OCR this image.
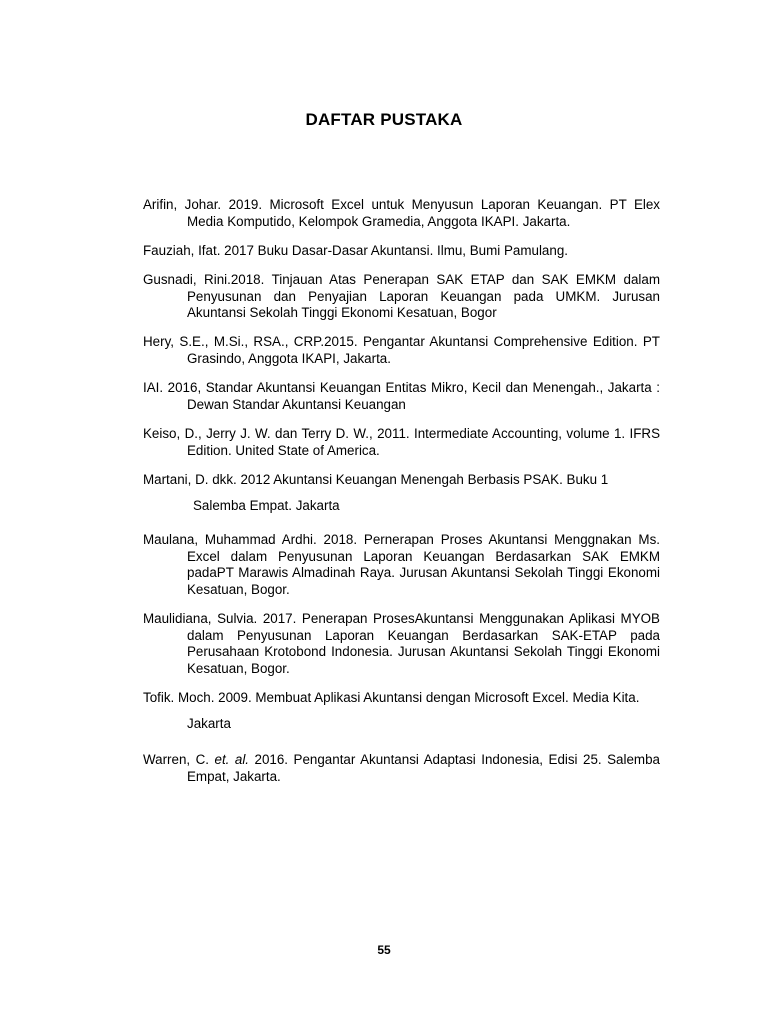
DAFTAR PUSTAKA
Arifin, Johar. 2019. Microsoft Excel untuk Menyusun Laporan Keuangan. PT Elex Media Komputido, Kelompok Gramedia, Anggota IKAPI. Jakarta.
Fauziah, Ifat. 2017 Buku Dasar-Dasar Akuntansi. Ilmu, Bumi Pamulang.
Gusnadi, Rini.2018. Tinjauan Atas Penerapan SAK ETAP dan SAK EMKM dalam Penyusunan dan Penyajian Laporan Keuangan pada UMKM. Jurusan Akuntansi Sekolah Tinggi Ekonomi Kesatuan, Bogor
Hery, S.E., M.Si., RSA., CRP.2015. Pengantar Akuntansi Comprehensive Edition. PT Grasindo, Anggota IKAPI, Jakarta.
IAI. 2016, Standar Akuntansi Keuangan Entitas Mikro, Kecil dan Menengah., Jakarta : Dewan Standar Akuntansi Keuangan
Keiso, D., Jerry J. W. dan Terry D. W., 2011. Intermediate Accounting, volume 1. IFRS Edition. United State of America.
Martani, D. dkk. 2012 Akuntansi Keuangan Menengah Berbasis PSAK. Buku 1
Salemba Empat. Jakarta
Maulana, Muhammad Ardhi. 2018. Pernerapan Proses Akuntansi Menggnakan Ms. Excel dalam Penyusunan Laporan Keuangan Berdasarkan SAK EMKM padaPT Marawis Almadinah Raya. Jurusan Akuntansi Sekolah Tinggi Ekonomi Kesatuan, Bogor.
Maulidiana, Sulvia. 2017. Penerapan ProsesAkuntansi Menggunakan Aplikasi MYOB dalam Penyusunan Laporan Keuangan Berdasarkan SAK-ETAP pada Perusahaan Krotobond Indonesia. Jurusan Akuntansi Sekolah Tinggi Ekonomi Kesatuan, Bogor.
Tofik. Moch. 2009. Membuat Aplikasi Akuntansi dengan Microsoft Excel. Media Kita.
Jakarta
Warren, C. et. al. 2016. Pengantar Akuntansi Adaptasi Indonesia, Edisi 25. Salemba Empat, Jakarta.
55
